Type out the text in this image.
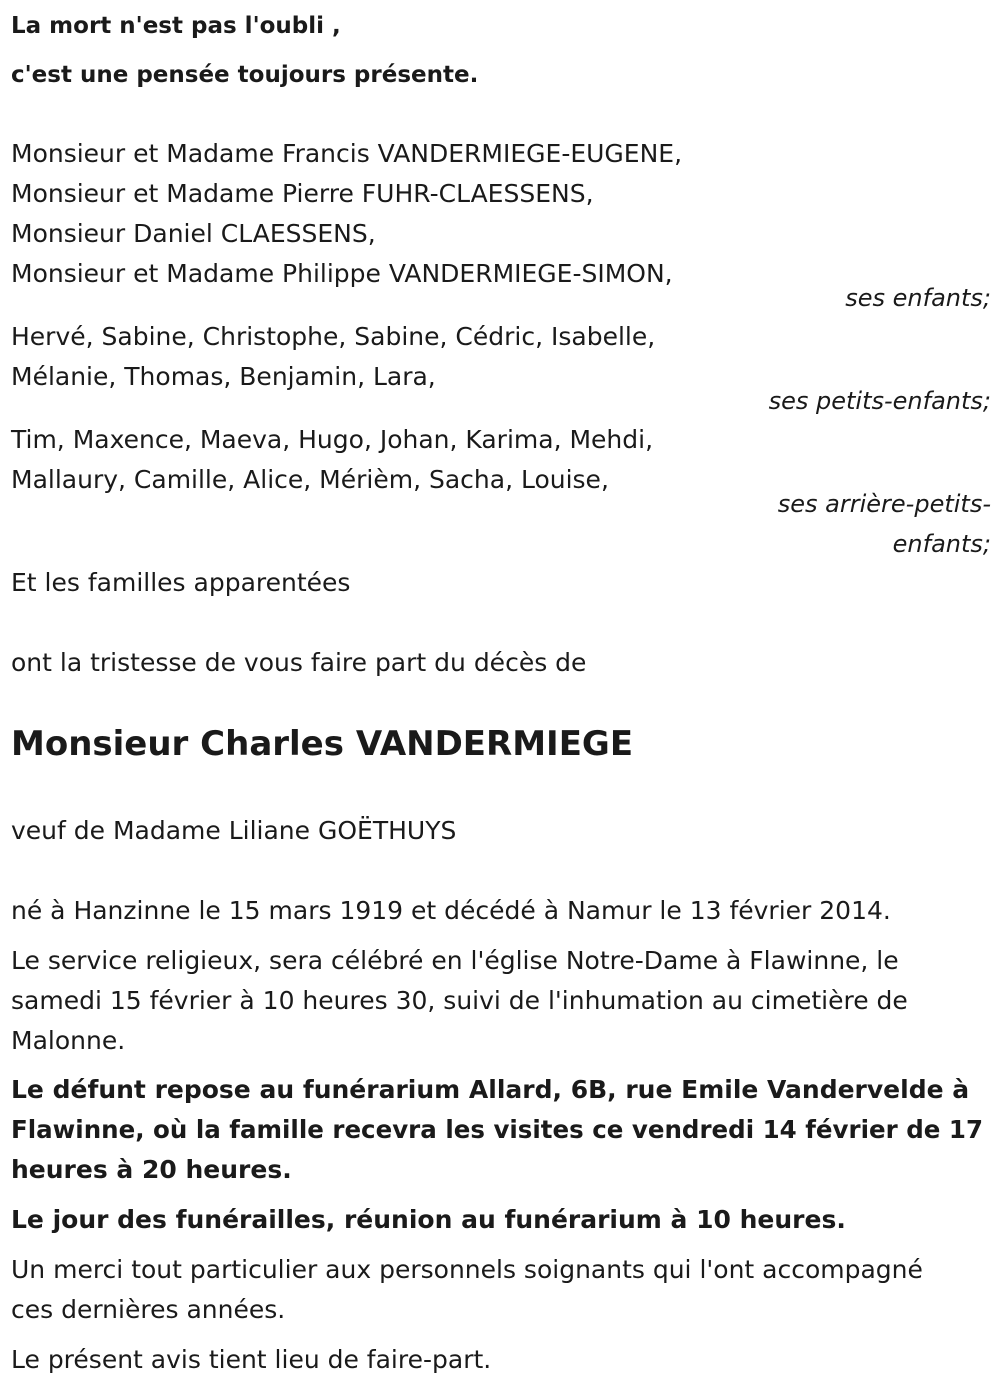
La mort n'est pas l'oubli ,

c'est une pensée toujours présente.

Monsieur et Madame Francis VANDERMIEGE-EUGENE,

Monsieur et Madame Pierre FUHR-CLAESSENS,

Monsieur Daniel CLAESSENS,

Monsieur et Madame Philippe VANDERMIEGE-SIMON,

ses enfants;

Hervé, Sabine, Christophe, Sabine, Cédric, Isabelle,

Mélanie, Thomas, Benjamin, Lara,

ses petits-enfants;

Tim, Maxence, Maeva, Hugo, Johan, Karima, Mehdi,

Mallaury, Camille, Alice, Mérièm, Sacha, Louise,

ses arrière-petits-

enfants;

Et les familles apparentées

ont la tristesse de vous faire part du décès de

Monsieur Charles VANDERMIEGE

veuf de Madame Liliane GOËTHUYS

né à Hanzinne le 15 mars 1919 et décédé à Namur le 13 février 2014.

Le service religieux, sera célébré en l'église Notre-Dame à Flawinne, le

samedi 15 février à 10 heures 30, suivi de l'inhumation au cimetière de

Malonne.

Le défunt repose au funérarium Allard, 6B, rue Emile Vandervelde à

Flawinne, où la famille recevra les visites ce vendredi 14 février de 17

heures à 20 heures.

Le jour des funérailles, réunion au funérarium à 10 heures.

Un merci tout particulier aux personnels soignants qui l'ont accompagné

ces dernières années.

Le présent avis tient lieu de faire-part.
